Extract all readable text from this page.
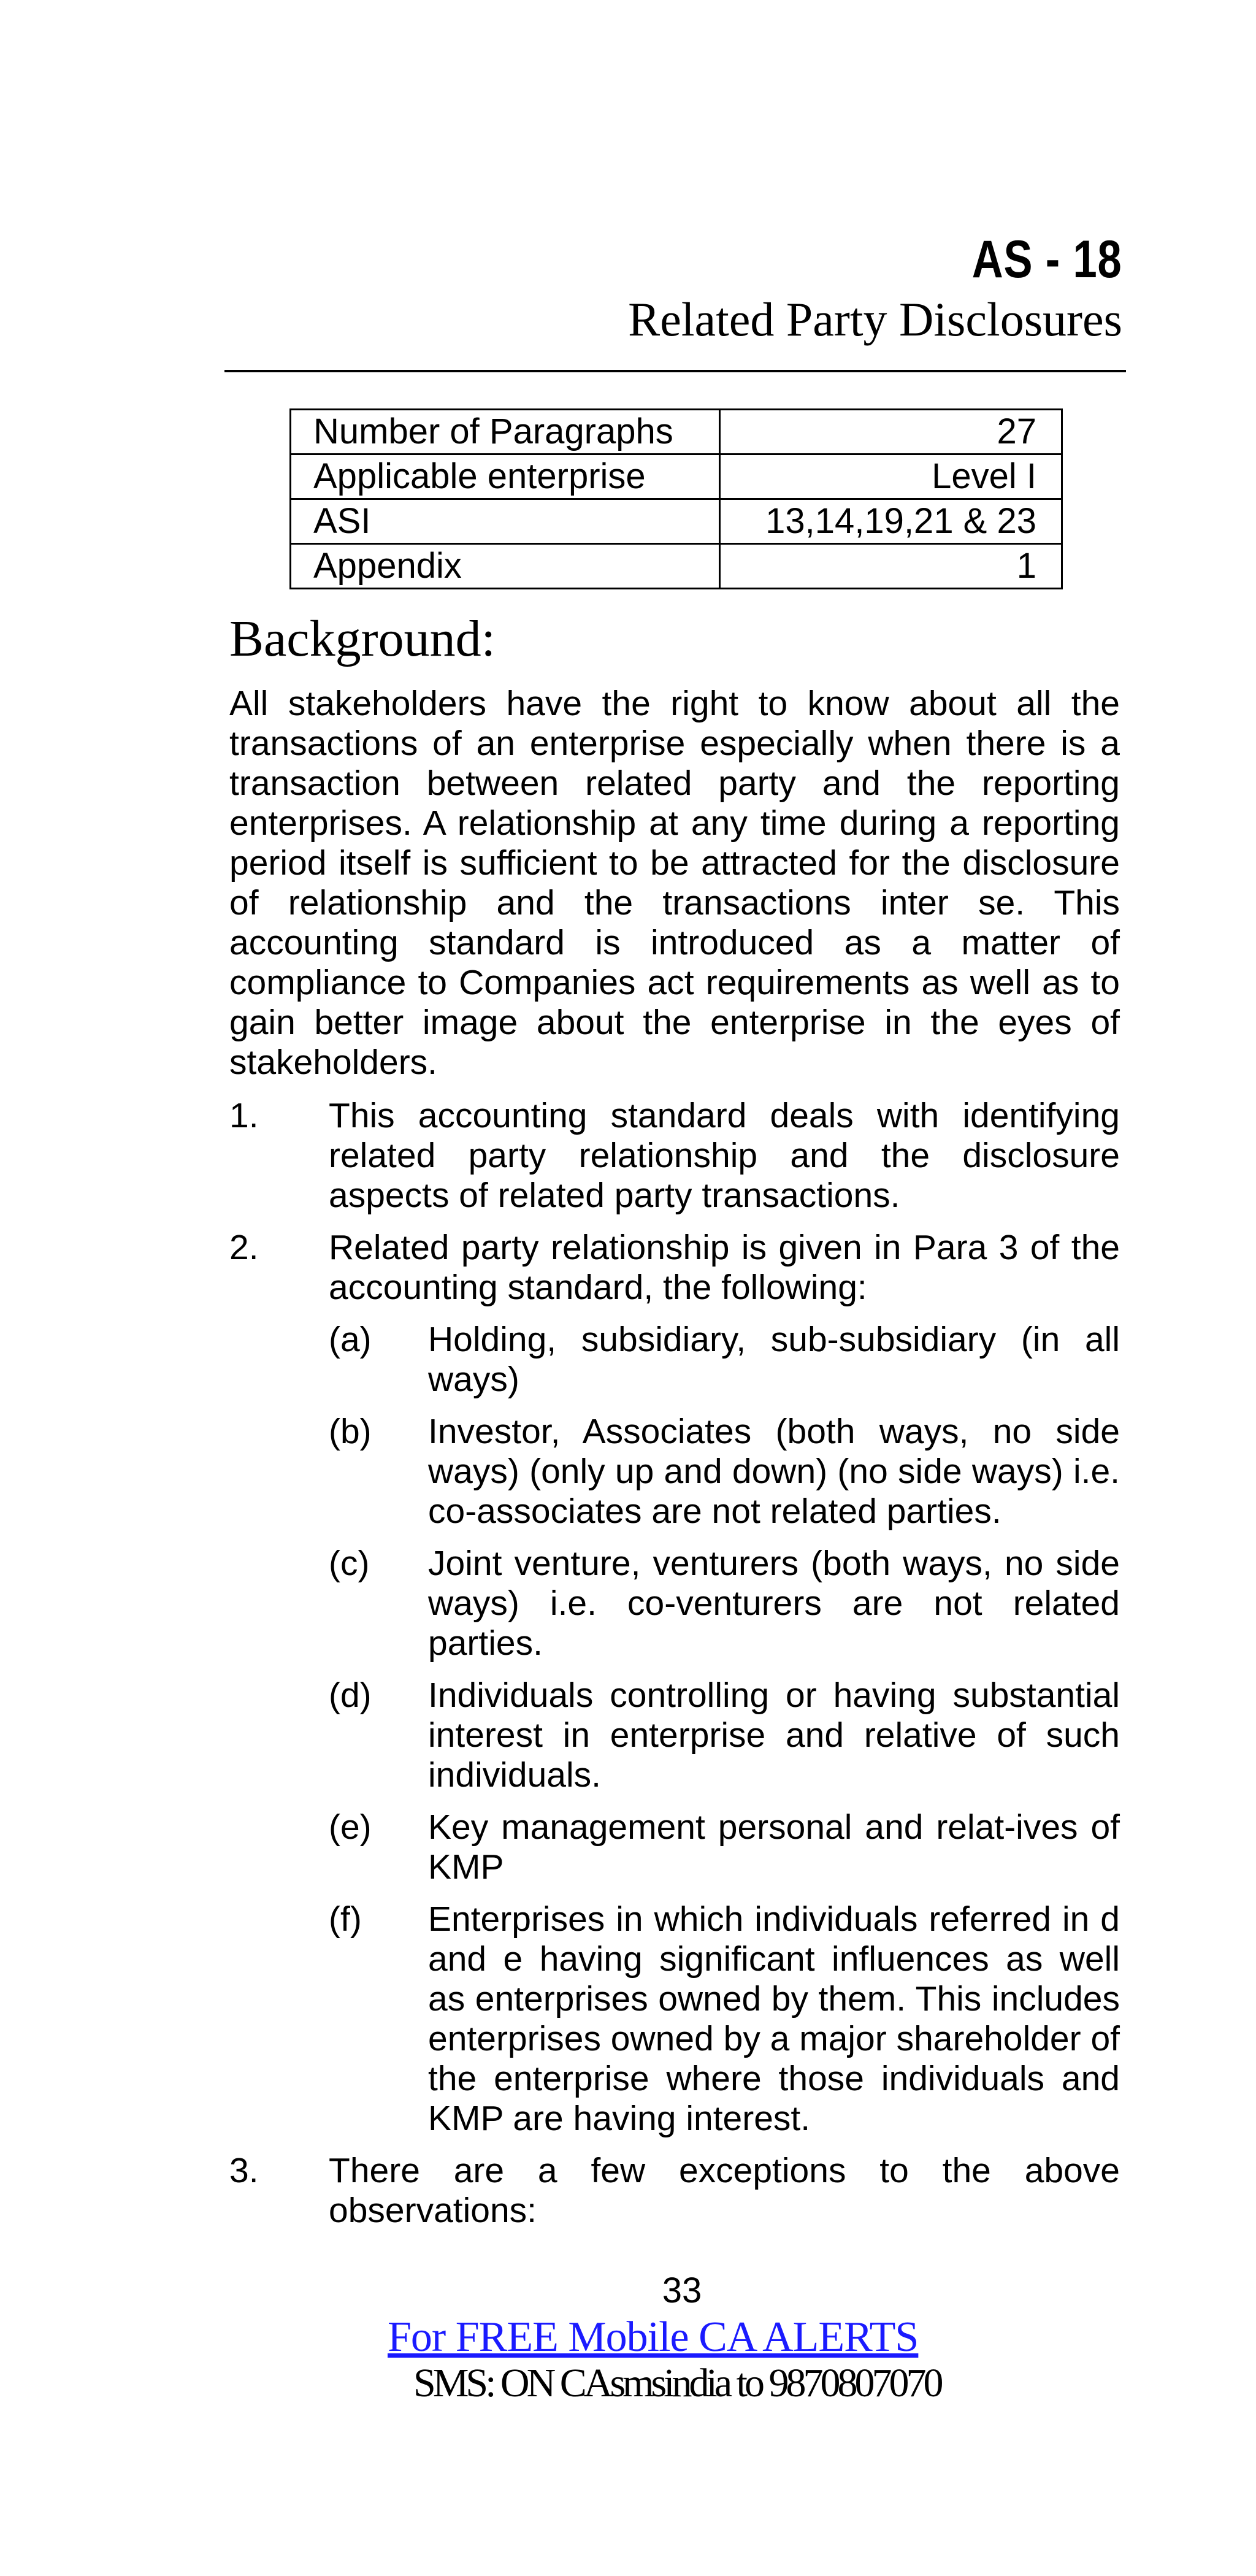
AS - 18
Related Party Disclosures
Number of Paragraphs	27
Applicable enterprise	Level I
ASI	13,14,19,21 & 23
Appendix	1
Background:

All stakeholders have the right to know about all the transactions of an enterprise especially when there is a transaction between related party and the reporting enterprises. A relationship at any time during a reporting period itself is sufficient to be attracted for the disclosure of relationship and the transactions inter se. This accounting standard is introduced as a matter of compliance to Companies act requirements as well as to gain better image about the enterprise in the eyes of stakeholders.

1. This accounting standard deals with identifying related party relationship and the disclosure aspects of related party transactions.
2. Related party relationship is given in Para 3 of the accounting standard, the following:
(a) Holding, subsidiary, sub-subsidiary (in all ways)
(b) Investor, Associates (both ways, no side ways) (only up and down) (no side ways) i.e. co-associates are not related parties.
(c) Joint venture, venturers (both ways, no side ways) i.e. co-venturers are not related parties.
(d) Individuals controlling or having substantial interest in enterprise and relative of such individuals.
(e) Key management personal and relat-ives of KMP
(f) Enterprises in which individuals referred in d and e having significant influences as well as enterprises owned by them. This includes enterprises owned by a major shareholder of the enterprise where those individuals and KMP are having interest.
3. There are a few exceptions to the above observations:
33
For FREE Mobile CA ALERTS
SMS: ON CAsmsindia to 9870807070
